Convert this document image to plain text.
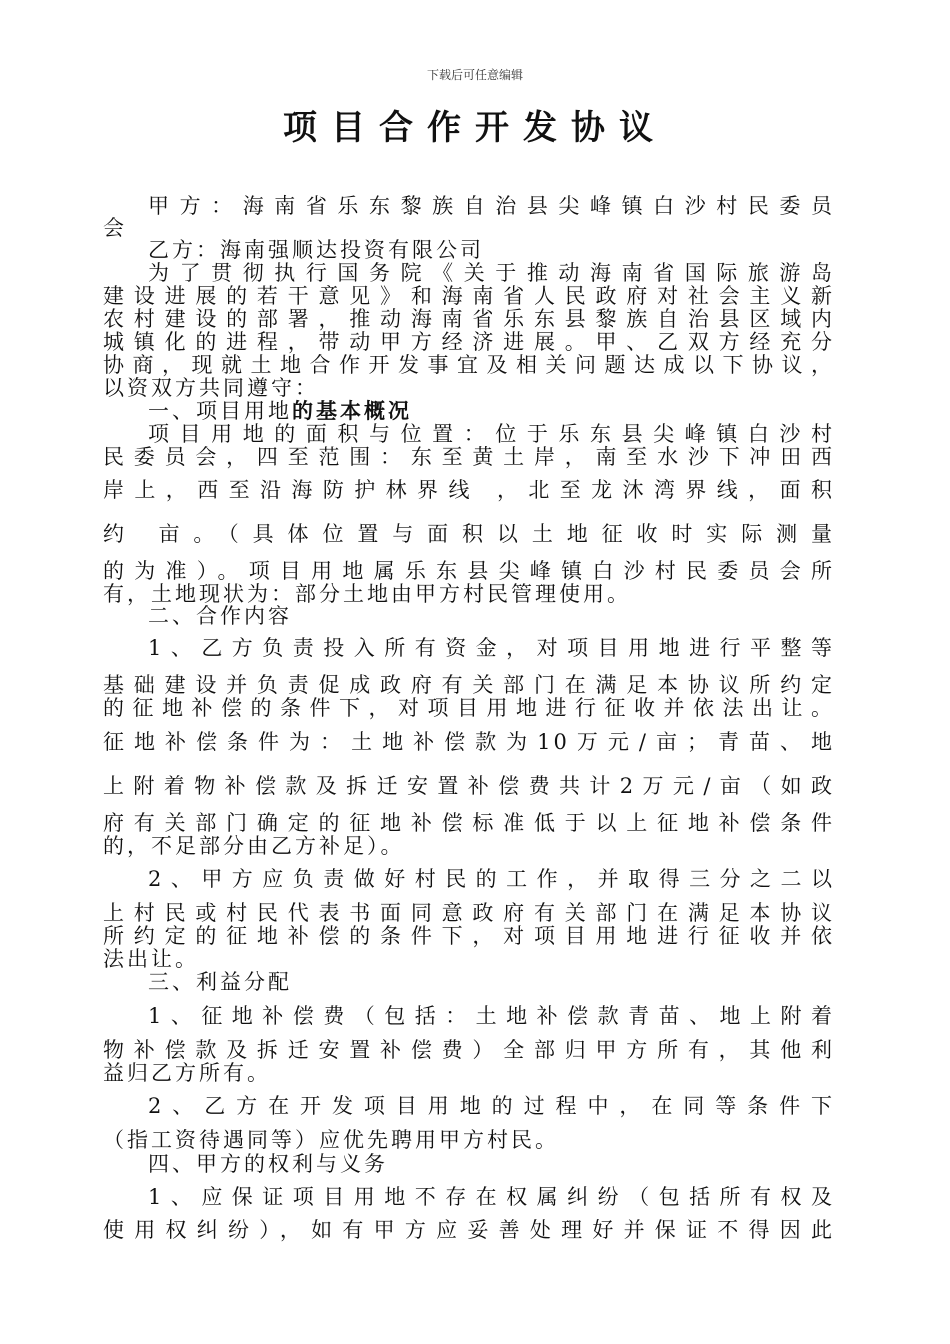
下载后可任意编辑
项目合作开发协议
甲方：海南省乐东黎族自治县尖峰镇白沙村民委员
会
乙方：海南强顺达投资有限公司
为了贯彻执行国务院《关于推动海南省国际旅游岛
建设进展的若干意见》和海南省人民政府对社会主义新
农村建设的部署，推动海南省乐东县黎族自治县区域内
城镇化的进程，带动甲方经济进展。甲、乙双方经充分
协商，现就土地合作开发事宜及相关问题达成以下协议，
以资双方共同遵守：
一、项目用地的基本概况
项目用地的面积与位置：位于乐东县尖峰镇白沙村
民委员会，四至范围：东至黄土岸，南至水沙下冲田西
岸上，西至沿海防护林界线 ，北至龙沐湾界线，面积
约 亩。（具体位置与面积以土地征收时实际测量
的为准）。项目用地属乐东县尖峰镇白沙村民委员会所
有，土地现状为：部分土地由甲方村民管理使用。
二、合作内容
1、乙方负责投入所有资金，对项目用地进行平整等
基础建设并负责促成政府有关部门在满足本协议所约定
的征地补偿的条件下，对项目用地进行征收并依法出让。
征地补偿条件为：土地补偿款为10万元/亩；青苗、地
上附着物补偿款及拆迁安置补偿费共计2万元/亩（如政
府有关部门确定的征地补偿标准低于以上征地补偿条件
的，不足部分由乙方补足）。
2、甲方应负责做好村民的工作，并取得三分之二以
上村民或村民代表书面同意政府有关部门在满足本协议
所约定的征地补偿的条件下，对项目用地进行征收并依
法出让。
三、利益分配
1、征地补偿费（包括：土地补偿款青苗、地上附着
物补偿款及拆迁安置补偿费）全部归甲方所有，其他利
益归乙方所有。
2、乙方在开发项目用地的过程中，在同等条件下
（指工资待遇同等）应优先聘用甲方村民。
四、甲方的权利与义务
1、应保证项目用地不存在权属纠纷（包括所有权及
使用权纠纷），如有甲方应妥善处理好并保证不得因此
